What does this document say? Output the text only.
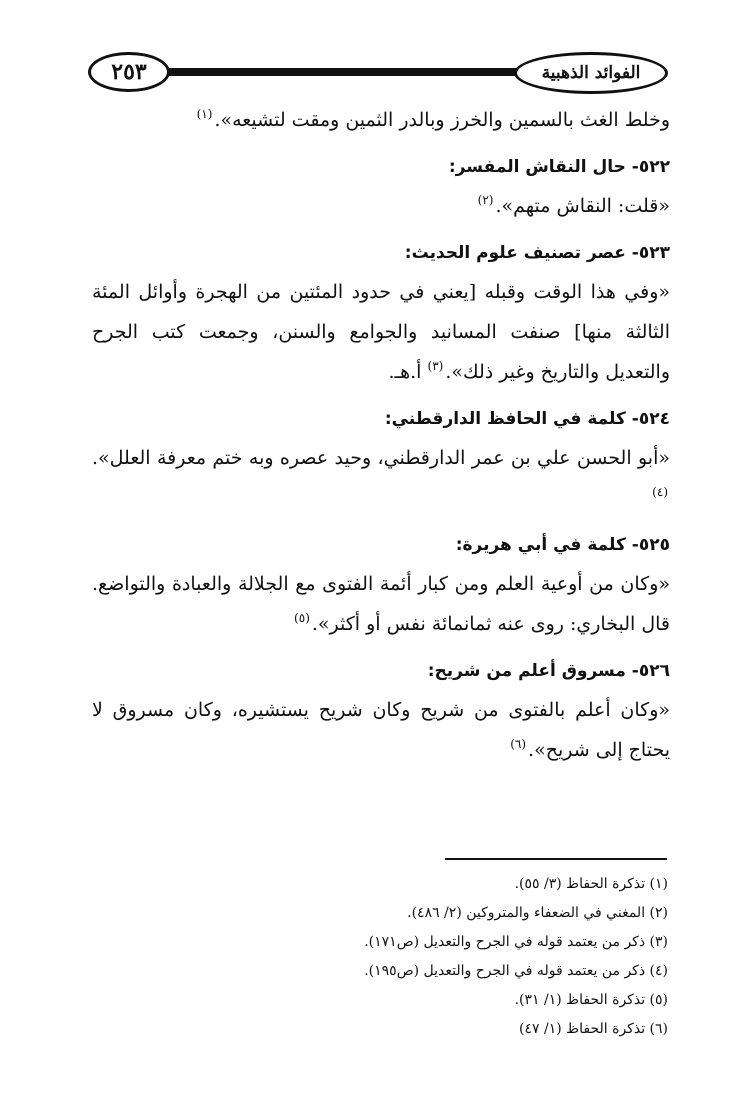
٢٥٣	الفوائد الذهبية

وخلط الغث بالسمين والخرز وبالدر الثمين ومقت لتشيعه».$^{(١)}$

٥٢٢- حال النقاش المفسر:

«قلت: النقاش متهم».$^{(٢)}$

٥٢٣- عصر تصنيف علوم الحديث:

«وفي هذا الوقت وقبله [يعني في حدود المئتين من الهجرة وأوائل المئة الثالثة منها] صنفت المسانيد والجوامع والسنن، وجمعت كتب الجرح والتعديل والتاريخ وغير ذلك».$^{(٣)}$ أ.هـ.

٥٢٤- كلمة في الحافظ الدارقطني:

«أبو الحسن علي بن عمر الدارقطني، وحيد عصره وبه ختم معرفة العلل».$^{(٤)}$

٥٢٥- كلمة في أبي هريرة:

«وكان من أوعية العلم ومن كبار أئمة الفتوى مع الجلالة والعبادة والتواضع. قال البخاري: روى عنه ثمانمائة نفس أو أكثر».$^{(٥)}$

٥٢٦- مسروق أعلم من شريح:

«وكان أعلم بالفتوى من شريح وكان شريح يستشيره، وكان مسروق لا يحتاج إلى شريح».$^{(٦)}$

(١) تذكرة الحفاظ (٣/ ٥٥).

(٢) المغني في الضعفاء والمتروكين (٢/ ٤٨٦).

(٣) ذكر من يعتمد قوله في الجرح والتعديل (ص١٧١).

(٤) ذكر من يعتمد قوله في الجرح والتعديل (ص١٩٥).

(٥) تذكرة الحفاظ (١/ ٣١).

(٦) تذكرة الحفاظ (١/ ٤٧)
